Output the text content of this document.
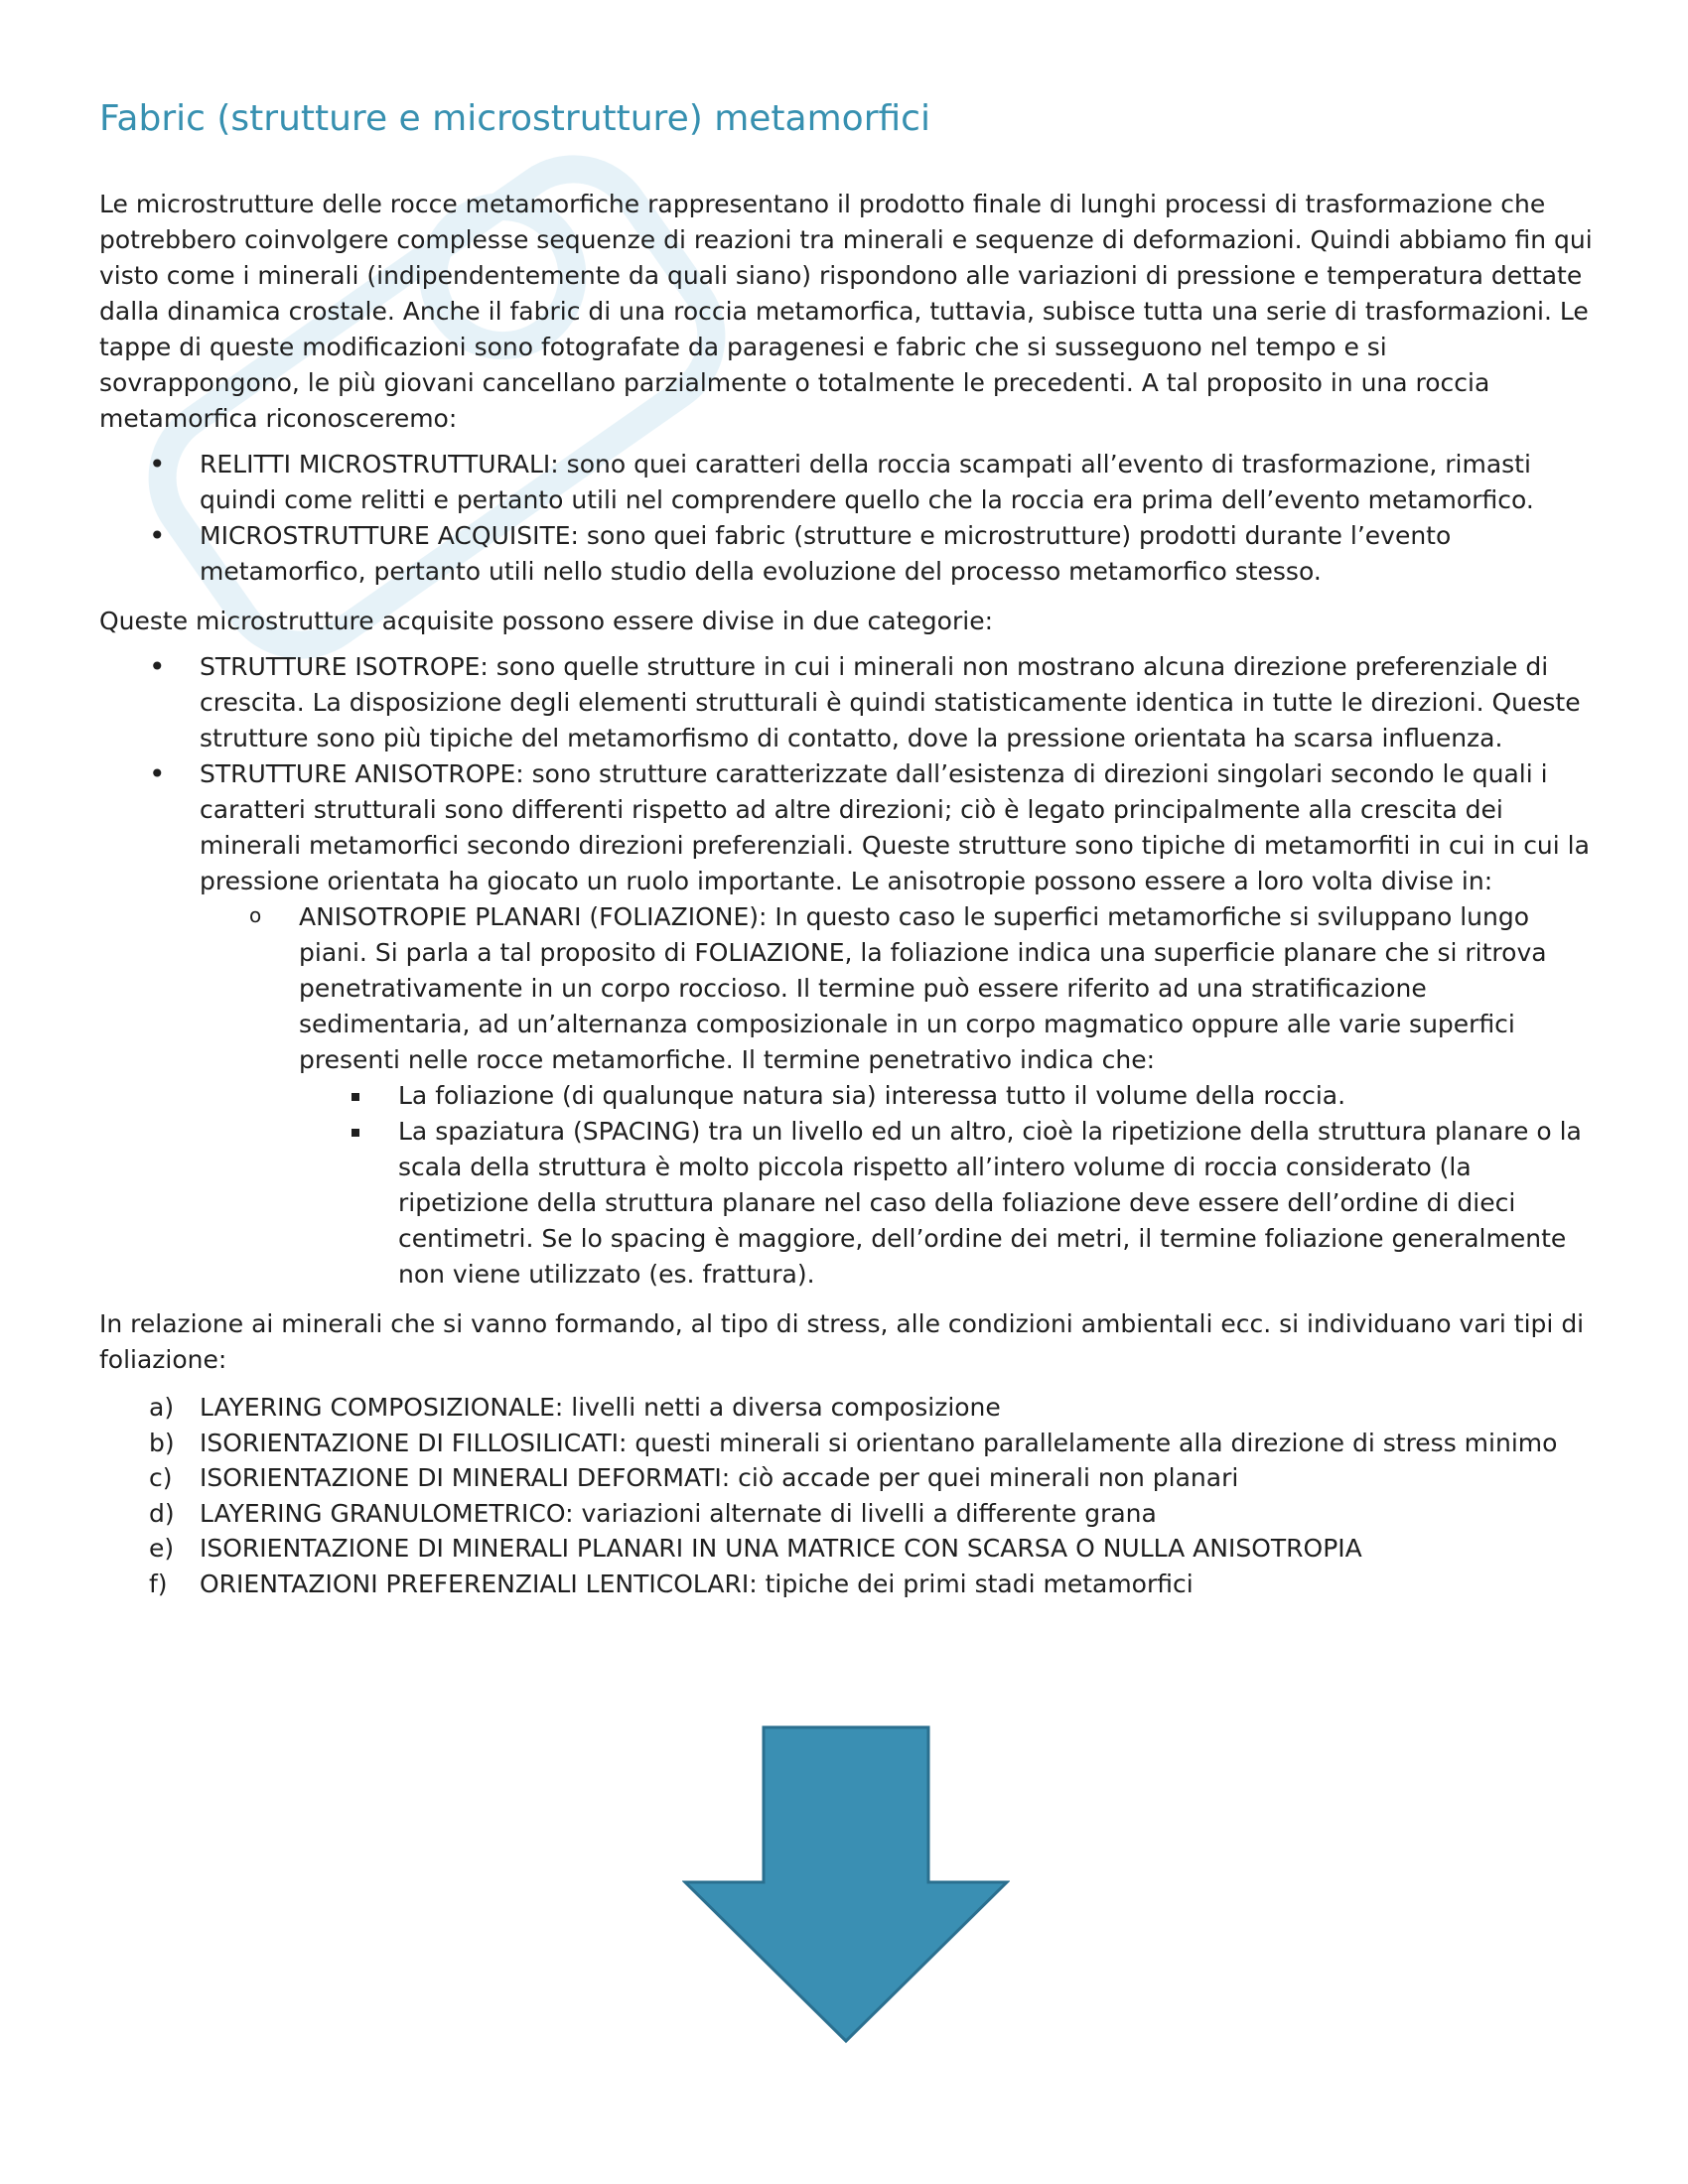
Fabric (strutture e microstrutture) metamorfici

Le microstrutture delle rocce metamorfiche rappresentano il prodotto finale di lunghi processi di trasformazione che potrebbero coinvolgere complesse sequenze di reazioni tra minerali e sequenze di deformazioni. Quindi abbiamo fin qui visto come i minerali (indipendentemente da quali siano) rispondono alle variazioni di pressione e temperatura dettate dalla dinamica crostale. Anche il fabric di una roccia metamorfica, tuttavia, subisce tutta una serie di trasformazioni. Le tappe di queste modificazioni sono fotografate da paragenesi e fabric che si susseguono nel tempo e si sovrappongono, le più giovani cancellano parzialmente o totalmente le precedenti. A tal proposito in una roccia metamorfica riconosceremo:

• RELITTI MICROSTRUTTURALI: sono quei caratteri della roccia scampati all’evento di trasformazione, rimasti quindi come relitti e pertanto utili nel comprendere quello che la roccia era prima dell’evento metamorfico.
• MICROSTRUTTURE ACQUISITE: sono quei fabric (strutture e microstrutture) prodotti durante l’evento metamorfico, pertanto utili nello studio della evoluzione del processo metamorfico stesso.

Queste microstrutture acquisite possono essere divise in due categorie:

• STRUTTURE ISOTROPE: sono quelle strutture in cui i minerali non mostrano alcuna direzione preferenziale di crescita. La disposizione degli elementi strutturali è quindi statisticamente identica in tutte le direzioni. Queste strutture sono più tipiche del metamorfismo di contatto, dove la pressione orientata ha scarsa influenza.
• STRUTTURE ANISOTROPE: sono strutture caratterizzate dall’esistenza di direzioni singolari secondo le quali i caratteri strutturali sono differenti rispetto ad altre direzioni; ciò è legato principalmente alla crescita dei minerali metamorfici secondo direzioni preferenziali. Queste strutture sono tipiche di metamorfiti in cui in cui la pressione orientata ha giocato un ruolo importante. Le anisotropie possono essere a loro volta divise in:
o ANISOTROPIE PLANARI (FOLIAZIONE): In questo caso le superfici metamorfiche si sviluppano lungo piani. Si parla a tal proposito di FOLIAZIONE, la foliazione indica una superficie planare che si ritrova penetrativamente in un corpo roccioso. Il termine può essere riferito ad una stratificazione sedimentaria, ad un’alternanza composizionale in un corpo magmatico oppure alle varie superfici presenti nelle rocce metamorfiche. Il termine penetrativo indica che:
La foliazione (di qualunque natura sia) interessa tutto il volume della roccia.
La spaziatura (SPACING) tra un livello ed un altro, cioè la ripetizione della struttura planare o la scala della struttura è molto piccola rispetto all’intero volume di roccia considerato (la ripetizione della struttura planare nel caso della foliazione deve essere dell’ordine di dieci centimetri. Se lo spacing è maggiore, dell’ordine dei metri, il termine foliazione generalmente non viene utilizzato (es. frattura).

In relazione ai minerali che si vanno formando, al tipo di stress, alle condizioni ambientali ecc. si individuano vari tipi di foliazione:

a) LAYERING COMPOSIZIONALE: livelli netti a diversa composizione
b) ISORIENTAZIONE DI FILLOSILICATI: questi minerali si orientano parallelamente alla direzione di stress minimo
c) ISORIENTAZIONE DI MINERALI DEFORMATI: ciò accade per quei minerali non planari
d) LAYERING GRANULOMETRICO: variazioni alternate di livelli a differente grana
e) ISORIENTAZIONE DI MINERALI PLANARI IN UNA MATRICE CON SCARSA O NULLA ANISOTROPIA
f) ORIENTAZIONI PREFERENZIALI LENTICOLARI: tipiche dei primi stadi metamorfici
